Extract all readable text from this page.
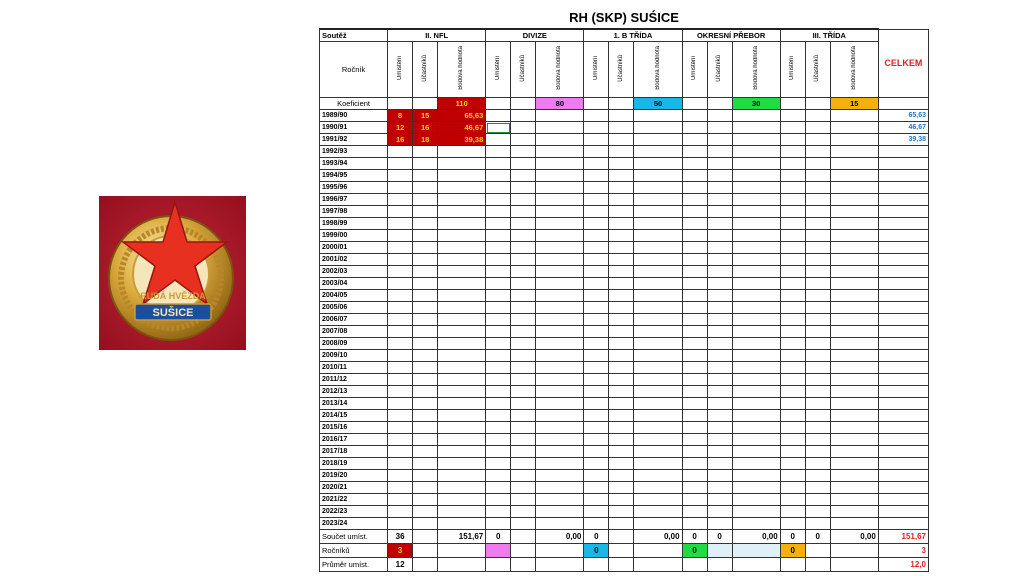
RUDÁ HVĚZDA
SUŠICE
RH (SKP) SUŚICE
Soutěž	II. NFL			DIVIZE			1. B TŘÍDA			OKRESNÍ PŘEBOR			III. TŘÍDA			CELKEM
Ročník	Umístění	Účastníků	Bodová hodnota	Umístění	Účastníků	Bodová hodnota	Umístění	Účastníků	Bodová hodnota	Umístění	Účastníků	Bodová hodnota	Umístění	Účastníků	Bodová hodnota	
Koeficient			110			80			50			30			15	
1989/90	8	15	65,63													65,63
1990/91	12	16	46,67													46,67
1991/92	16	18	39,38													39,38
1992/93																
1993/94																
1994/95																
1995/96																
1996/97																
1997/98																
1998/99																
1999/00																
2000/01																
2001/02																
2002/03																
2003/04																
2004/05																
2005/06																
2006/07																
2007/08																
2008/09																
2009/10																
2010/11																
2011/12																
2012/13																
2013/14																
2014/15																
2015/16																
2016/17																
2017/18																
2018/19																
2019/20																
2020/21																
2021/22																
2022/23																
2023/24																
Součet umíst.	36		151,67	0		0,00	0		0,00	0	0	0,00	0	0	0,00	151,67
Ročníků	3						0			0			0			3
Průměr umíst.	12															12,0
